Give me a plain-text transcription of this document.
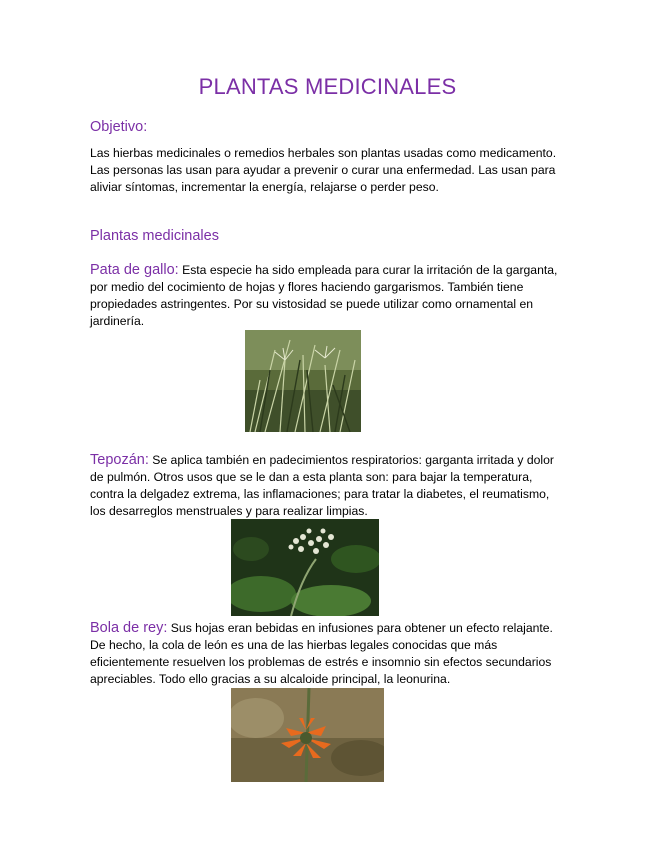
PLANTAS MEDICINALES
Objetivo:
Las hierbas medicinales o remedios herbales son plantas usadas como medicamento. Las personas las usan para ayudar a prevenir o curar una enfermedad. Las usan para aliviar síntomas, incrementar la energía, relajarse o perder peso.
Plantas medicinales
Pata de gallo: Esta especie ha sido empleada para curar la irritación de la garganta, por medio del cocimiento de hojas y flores haciendo gargarismos. También tiene propiedades astringentes. Por su vistosidad se puede utilizar como ornamental en jardinería.
Tepozán: Se aplica también en padecimientos respiratorios: garganta irritada y dolor de pulmón. Otros usos que se le dan a esta planta son: para bajar la temperatura, contra la delgadez extrema, las inflamaciones; para tratar la diabetes, el reumatismo, los desarreglos menstruales y para realizar limpias.
Bola de rey: Sus hojas eran bebidas en infusiones para obtener un efecto relajante. De hecho, la cola de león es una de las hierbas legales conocidas que más eficientemente resuelven los problemas de estrés e insomnio sin efectos secundarios apreciables. Todo ello gracias a su alcaloide principal, la leonurina.
